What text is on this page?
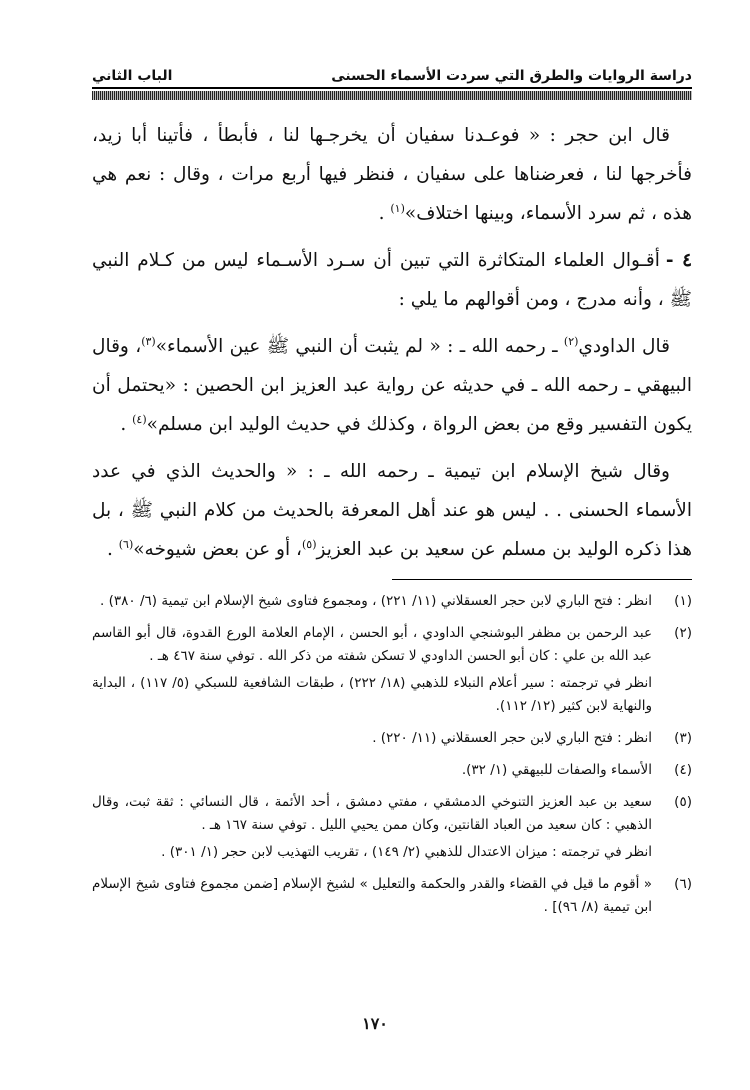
دراسة الروايات والطرق التي سردت الأسماء الحسنى
الباب الثاني

قال ابن حجر : « فوعـدنا سفيان أن يخرجـها لنا ، فأبطأ ، فأتينا أبا زيد، فأخرجها لنا ، فعرضناها على سفيان ، فنظر فيها أربع مرات ، وقال : نعم هي هذه ، ثم سرد الأسماء، وبينها اختلاف»$^{(١)}$ .

٤ -أقـوال العلماء المتكاثرة التي تبين أن سـرد الأسـماء ليس من كـلام النبي ﷺ ، وأنه مدرج ، ومن أقوالهم ما يلي :

قال الداودي$^{(٢)}$ ـ رحمه الله ـ : « لم يثبت أن النبي ﷺ عين الأسماء»$^{(٣)}$، وقال البيهقي ـ رحمه الله ـ في حديثه عن رواية عبد العزيز ابن الحصين : «يحتمل أن يكون التفسير وقع من بعض الرواة ، وكذلك في حديث الوليد ابن مسلم»$^{(٤)}$ .

وقال شيخ الإسلام ابن تيمية ـ رحمه الله ـ : « والحديث الذي في عدد الأسماء الحسنى . . ليس هو عند أهل المعرفة بالحديث من كلام النبي ﷺ ، بل هذا ذكره الوليد بن مسلم عن سعيد بن عبد العزيز$^{(٥)}$، أو عن بعض شيوخه»$^{(٦)}$ .

(١)
انظر : فتح الباري لابن حجر العسقلاني (١١/ ٢٢١) ، ومجموع فتاوى شيخ الإسلام ابن تيمية (٦/ ٣٨٠) .
(٢)
عبد الرحمن بن مظفر البوشنجي الداودي ، أبو الحسن ، الإمام العلامة الورع القدوة، قال أبو القاسم عبد الله بن علي : كان أبو الحسن الداودي لا تسكن شفته من ذكر الله . توفي سنة ٤٦٧ هـ .
انظر في ترجمته : سير أعلام النبلاء للذهبي (١٨/ ٢٢٢) ، طبقات الشافعية للسبكي (٥/ ١١٧) ، البداية والنهاية لابن كثير (١٢/ ١١٢).
(٣)
انظر : فتح الباري لابن حجر العسقلاني (١١/ ٢٢٠) .
(٤)
الأسماء والصفات للبيهقي (١/ ٣٢).
(٥)
سعيد بن عبد العزيز التنوخي الدمشقي ، مفتي دمشق ، أحد الأئمة ، قال النسائي : ثقة ثبت، وقال الذهبي : كان سعيد من العباد القانتين، وكان ممن يحيي الليل . توفي سنة ١٦٧ هـ .
انظر في ترجمته : ميزان الاعتدال للذهبي (٢/ ١٤٩) ، تقريب التهذيب لابن حجر (١/ ٣٠١) .
(٦)
« أقوم ما قيل في القضاء والقدر والحكمة والتعليل » لشيخ الإسلام [ضمن مجموع فتاوى شيخ الإسلام ابن تيمية (٨/ ٩٦)] .
١٧٠
